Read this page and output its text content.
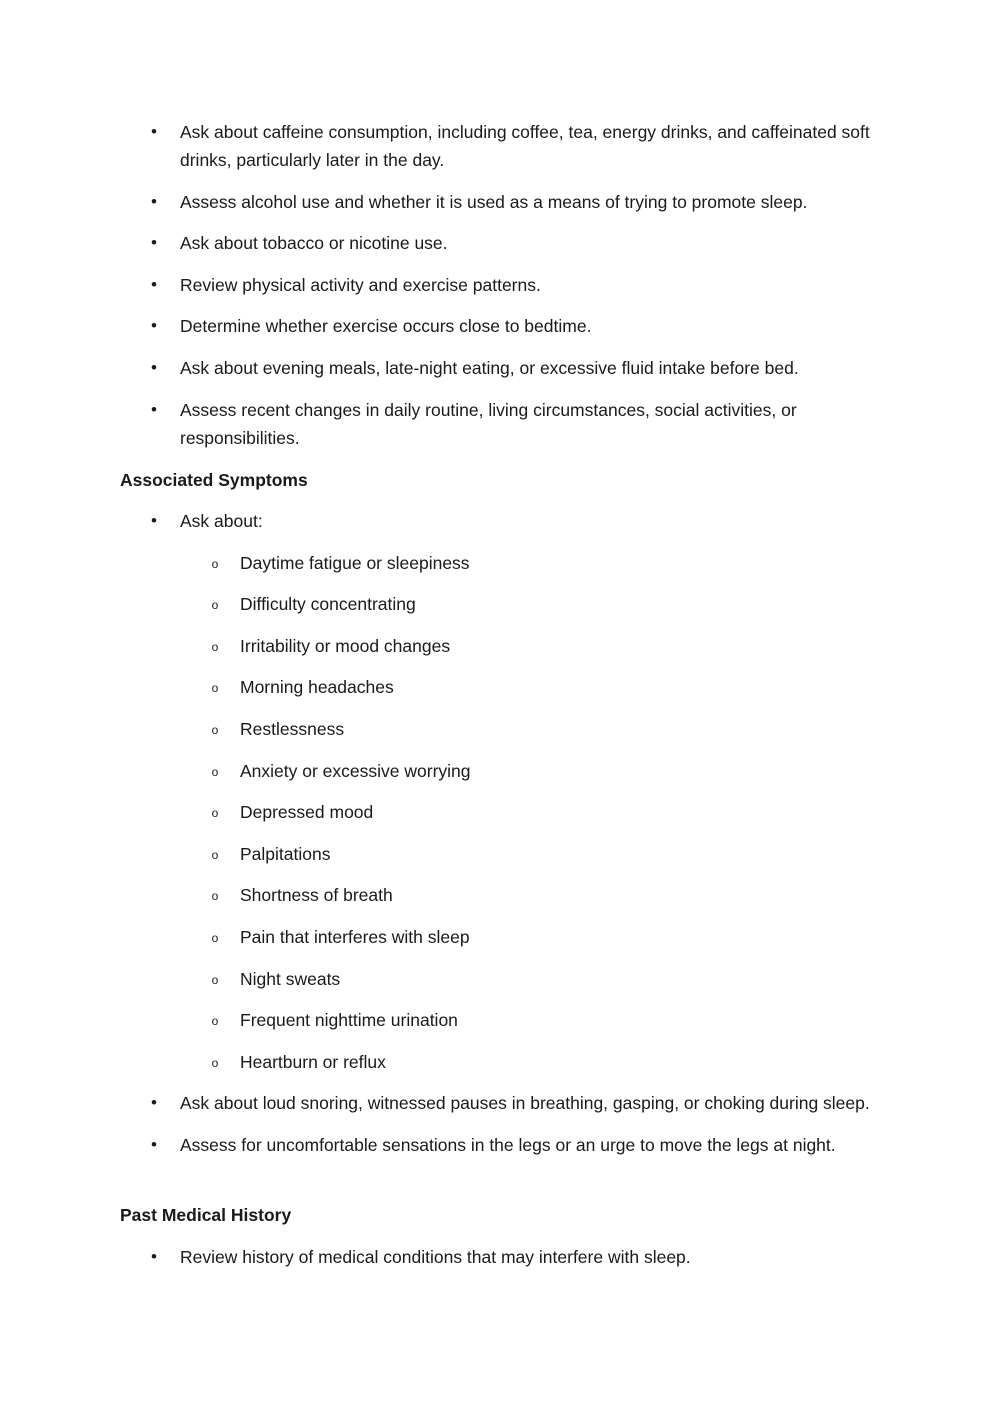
• Ask about caffeine consumption, including coffee, tea, energy drinks, and caffeinated soft drinks, particularly later in the day.
• Assess alcohol use and whether it is used as a means of trying to promote sleep.
• Ask about tobacco or nicotine use.
• Review physical activity and exercise patterns.
• Determine whether exercise occurs close to bedtime.
• Ask about evening meals, late-night eating, or excessive fluid intake before bed.
• Assess recent changes in daily routine, living circumstances, social activities, or responsibilities.

Associated Symptoms

• Ask about:
o Daytime fatigue or sleepiness
o Difficulty concentrating
o Irritability or mood changes
o Morning headaches
o Restlessness
o Anxiety or excessive worrying
o Depressed mood
o Palpitations
o Shortness of breath
o Pain that interferes with sleep
o Night sweats
o Frequent nighttime urination
o Heartburn or reflux
• Ask about loud snoring, witnessed pauses in breathing, gasping, or choking during sleep.
• Assess for uncomfortable sensations in the legs or an urge to move the legs at night.

Past Medical History

• Review history of medical conditions that may interfere with sleep.
